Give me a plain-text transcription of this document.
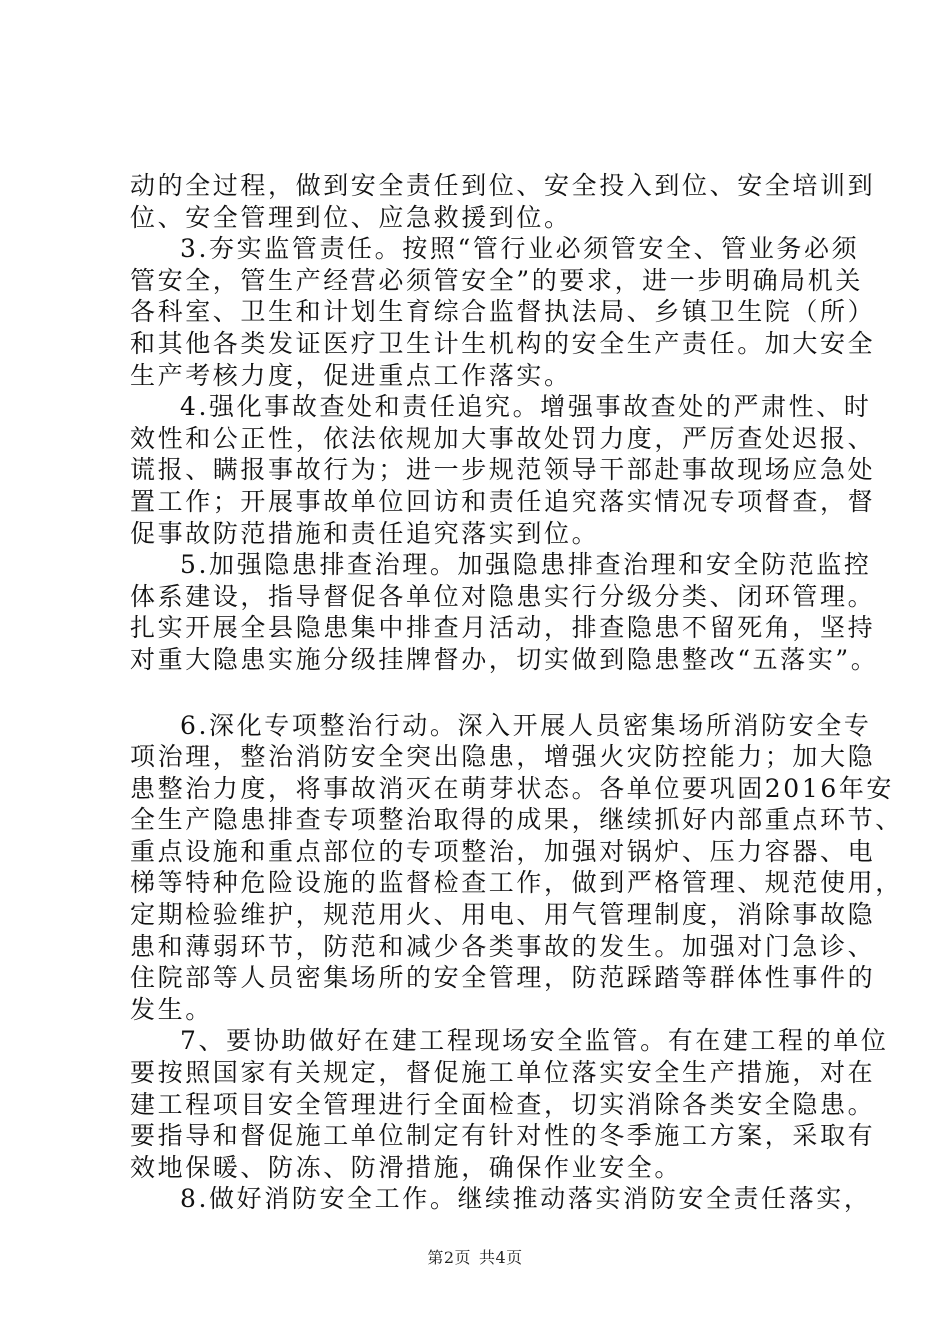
动的全过程，做到安全责任到位、安全投入到位、安全培训到
位、安全管理到位、应急救援到位。
3.夯实监管责任。按照“管行业必须管安全、管业务必须
管安全，管生产经营必须管安全”的要求，进一步明确局机关
各科室、卫生和计划生育综合监督执法局、乡镇卫生院（所）
和其他各类发证医疗卫生计生机构的安全生产责任。加大安全
生产考核力度，促进重点工作落实。
4.强化事故查处和责任追究。增强事故查处的严肃性、时
效性和公正性，依法依规加大事故处罚力度，严厉查处迟报、
谎报、瞒报事故行为；进一步规范领导干部赴事故现场应急处
置工作；开展事故单位回访和责任追究落实情况专项督查，督
促事故防范措施和责任追究落实到位。
5.加强隐患排查治理。加强隐患排查治理和安全防范监控
体系建设，指导督促各单位对隐患实行分级分类、闭环管理。
扎实开展全县隐患集中排查月活动，排查隐患不留死角，坚持
对重大隐患实施分级挂牌督办，切实做到隐患整改“五落实”。
6.深化专项整治行动。深入开展人员密集场所消防安全专
项治理，整治消防安全突出隐患，增强火灾防控能力；加大隐
患整治力度，将事故消灭在萌芽状态。各单位要巩固2016年安
全生产隐患排查专项整治取得的成果，继续抓好内部重点环节、
重点设施和重点部位的专项整治，加强对锅炉、压力容器、电
梯等特种危险设施的监督检查工作，做到严格管理、规范使用，
定期检验维护，规范用火、用电、用气管理制度，消除事故隐
患和薄弱环节，防范和减少各类事故的发生。加强对门急诊、
住院部等人员密集场所的安全管理，防范踩踏等群体性事件的
发生。
7、要协助做好在建工程现场安全监管。有在建工程的单位
要按照国家有关规定，督促施工单位落实安全生产措施，对在
建工程项目安全管理进行全面检查，切实消除各类安全隐患。
要指导和督促施工单位制定有针对性的冬季施工方案，采取有
效地保暖、防冻、防滑措施，确保作业安全。
8.做好消防安全工作。继续推动落实消防安全责任落实，
第2页 共4页
